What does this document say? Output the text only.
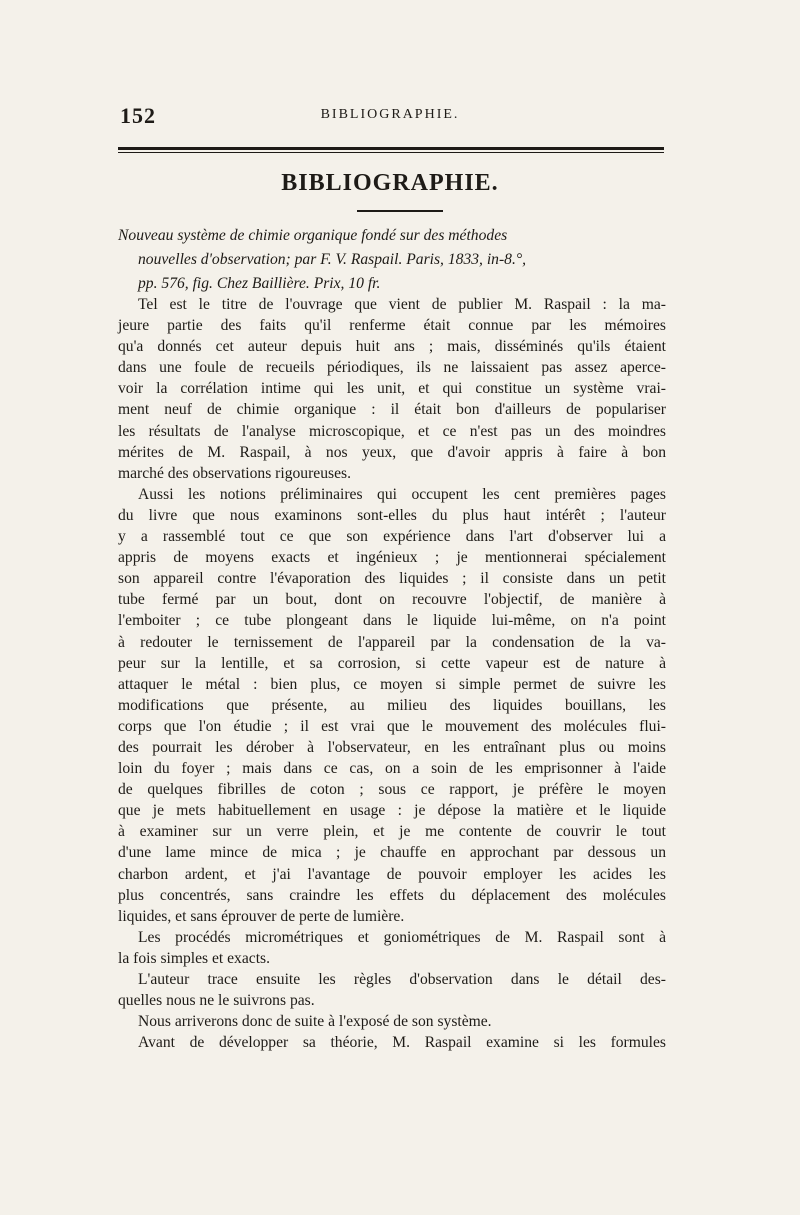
152	BIBLIOGRAPHIE.
BIBLIOGRAPHIE.
Nouveau système de chimie organique fondé sur des méthodes
nouvelles d'observation; par F. V. Raspail. Paris, 1833, in-8.°,
pp. 576, fig. Chez Baillière. Prix, 10 fr.
Tel est le titre de l'ouvrage que vient de publier M. Raspail : la ma-
jeure partie des faits qu'il renferme était connue par les mémoires
qu'a donnés cet auteur depuis huit ans ; mais, disséminés qu'ils étaient
dans une foule de recueils périodiques, ils ne laissaient pas assez aperce-
voir la corrélation intime qui les unit, et qui constitue un système vrai-
ment neuf de chimie organique : il était bon d'ailleurs de populariser
les résultats de l'analyse microscopique, et ce n'est pas un des moindres
mérites de M. Raspail, à nos yeux, que d'avoir appris à faire à bon
marché des observations rigoureuses.
Aussi les notions préliminaires qui occupent les cent premières pages
du livre que nous examinons sont-elles du plus haut intérêt ; l'auteur
y a rassemblé tout ce que son expérience dans l'art d'observer lui a
appris de moyens exacts et ingénieux ; je mentionnerai spécialement
son appareil contre l'évaporation des liquides ; il consiste dans un petit
tube fermé par un bout, dont on recouvre l'objectif, de manière à
l'emboiter ; ce tube plongeant dans le liquide lui-même, on n'a point
à redouter le ternissement de l'appareil par la condensation de la va-
peur sur la lentille, et sa corrosion, si cette vapeur est de nature à
attaquer le métal : bien plus, ce moyen si simple permet de suivre les
modifications que présente, au milieu des liquides bouillans, les
corps que l'on étudie ; il est vrai que le mouvement des molécules flui-
des pourrait les dérober à l'observateur, en les entraînant plus ou moins
loin du foyer ; mais dans ce cas, on a soin de les emprisonner à l'aide
de quelques fibrilles de coton ; sous ce rapport, je préfère le moyen
que je mets habituellement en usage : je dépose la matière et le liquide
à examiner sur un verre plein, et je me contente de couvrir le tout
d'une lame mince de mica ; je chauffe en approchant par dessous un
charbon ardent, et j'ai l'avantage de pouvoir employer les acides les
plus concentrés, sans craindre les effets du déplacement des molécules
liquides, et sans éprouver de perte de lumière.
Les procédés micrométriques et goniométriques de M. Raspail sont à
la fois simples et exacts.
L'auteur trace ensuite les règles d'observation dans le détail des-
quelles nous ne le suivrons pas.
Nous arriverons donc de suite à l'exposé de son système.
Avant de développer sa théorie, M. Raspail examine si les formules
